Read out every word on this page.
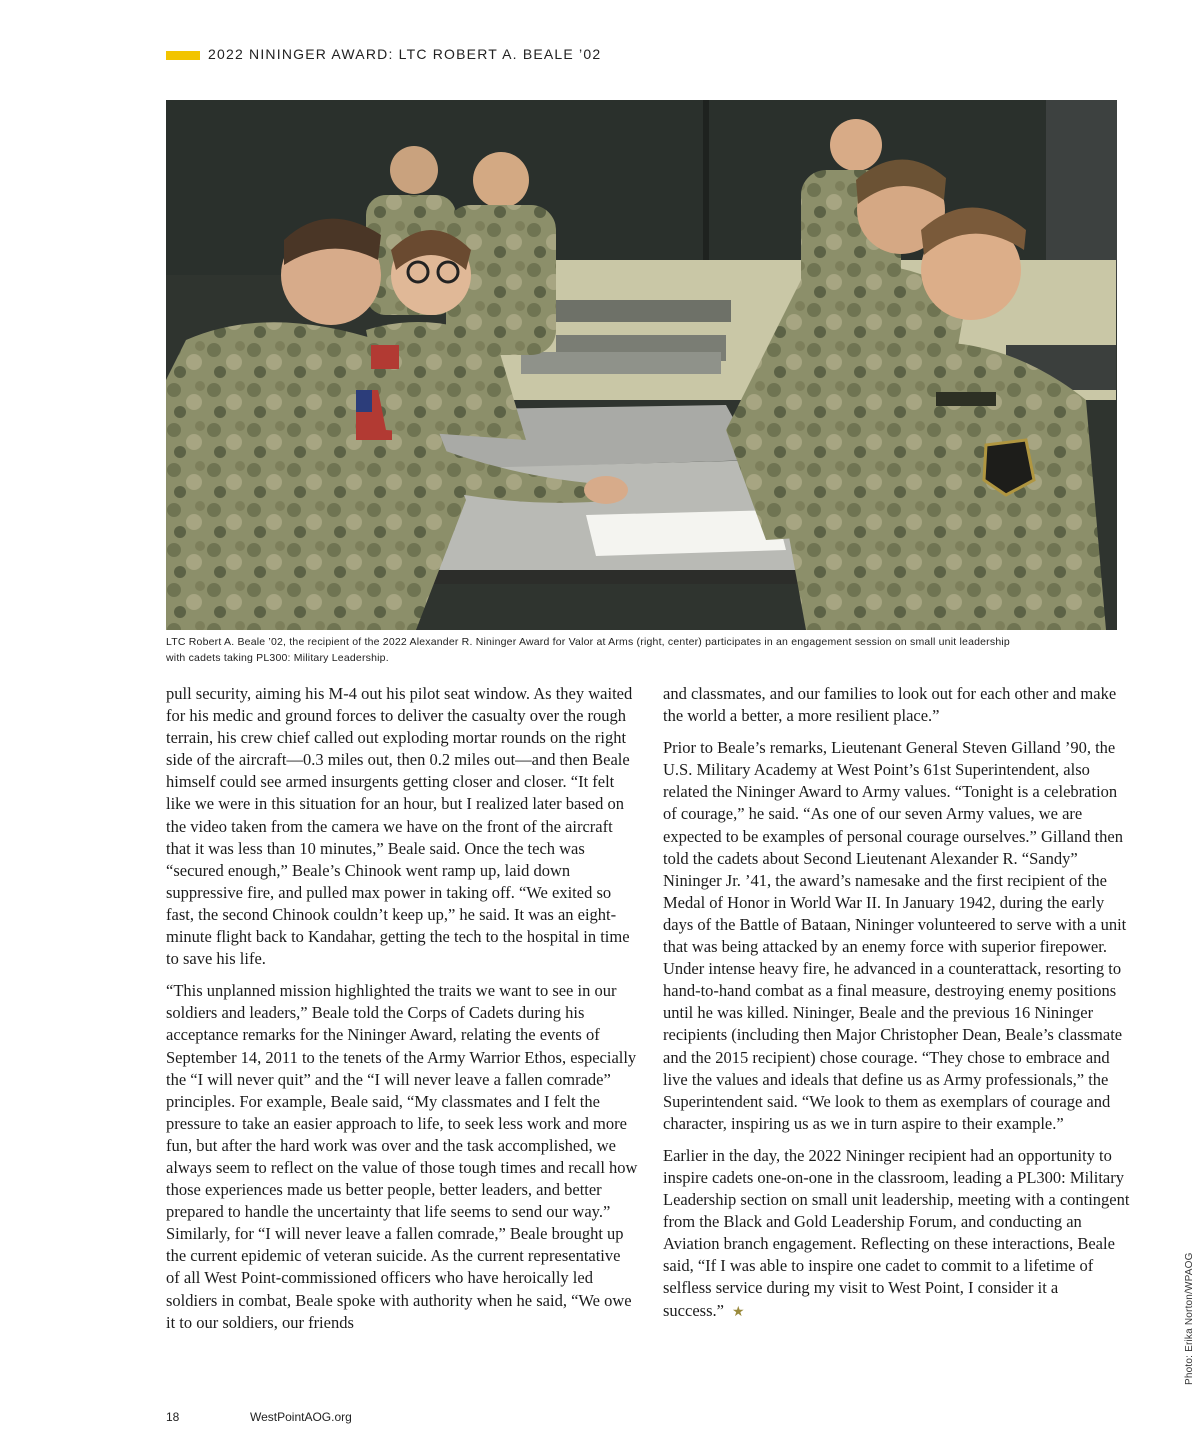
2022 NININGER AWARD: LTC ROBERT A. BEALE ’02
LTC Robert A. Beale ’02, the recipient of the 2022 Alexander R. Nininger Award for Valor at Arms (right, center) participates in an engagement session on small unit leadership
with cadets taking PL300: Military Leadership.

pull security, aiming his M-4 out his pilot seat window. As they waited for his medic and ground forces to deliver the casualty over the rough terrain, his crew chief called out exploding mortar rounds on the right side of the aircraft—0.3 miles out, then 0.2 miles out—and then Beale himself could see armed insurgents getting closer and closer. “It felt like we were in this situation for an hour, but I realized later based on the video taken from the camera we have on the front of the aircraft that it was less than 10 minutes,” Beale said. Once the tech was “secured enough,” Beale’s Chinook went ramp up, laid down suppressive fire, and pulled max power in taking off. “We exited so fast, the second Chinook couldn’t keep up,” he said. It was an eight-minute flight back to Kandahar, getting the tech to the hospital in time to save his life.

“This unplanned mission highlighted the traits we want to see in our soldiers and leaders,” Beale told the Corps of Cadets during his acceptance remarks for the Nininger Award, relating the events of September 14, 2011 to the tenets of the Army Warrior Ethos, especially the “I will never quit” and the “I will never leave a fallen comrade” principles. For example, Beale said, “My classmates and I felt the pressure to take an easier approach to life, to seek less work and more fun, but after the hard work was over and the task accomplished, we always seem to reflect on the value of those tough times and recall how those experiences made us better people, better leaders, and better prepared to handle the uncertainty that life seems to send our way.” Similarly, for “I will never leave a fallen comrade,” Beale brought up the current epidemic of veteran suicide. As the current representative of all West Point-commissioned officers who have heroically led soldiers in combat, Beale spoke with authority when he said, “We owe it to our soldiers, our friends

and classmates, and our families to look out for each other and make the world a better, a more resilient place.”

Prior to Beale’s remarks, Lieutenant General Steven Gilland ’90, the U.S. Military Academy at West Point’s 61st Superintendent, also related the Nininger Award to Army values. “Tonight is a celebration of courage,” he said. “As one of our seven Army values, we are expected to be examples of personal courage ourselves.” Gilland then told the cadets about Second Lieutenant Alexander R. “Sandy” Nininger Jr. ’41, the award’s namesake and the first recipient of the Medal of Honor in World War II. In January 1942, during the early days of the Battle of Bataan, Nininger volunteered to serve with a unit that was being attacked by an enemy force with superior firepower. Under intense heavy fire, he advanced in a counterattack, resorting to hand-to-hand combat as a final measure, destroying enemy positions until he was killed. Nininger, Beale and the previous 16 Nininger recipients (including then Major Christopher Dean, Beale’s classmate and the 2015 recipient) chose courage. “They chose to embrace and live the values and ideals that define us as Army professionals,” the Superintendent said. “We look to them as exemplars of courage and character, inspiring us as we in turn aspire to their example.”

Earlier in the day, the 2022 Nininger recipient had an opportunity to inspire cadets one-on-one in the classroom, leading a PL300: Military Leadership section on small unit leadership, meeting with a contingent from the Black and Gold Leadership Forum, and conducting an Aviation branch engagement. Reflecting on these interactions, Beale said, “If I was able to inspire one cadet to commit to a lifetime of selfless service during my visit to West Point, I consider it a success.” ★	Photo: Erika Norton/WPAOG
18	WestPointAOG.org
